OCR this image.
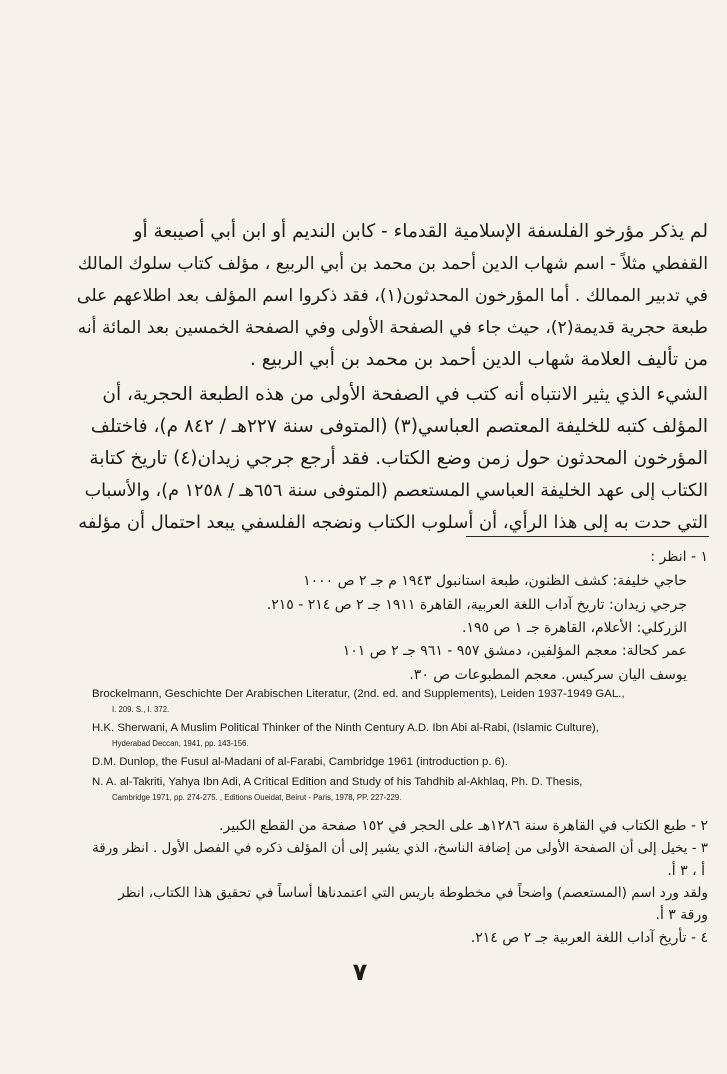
لم يذكر مؤرخو الفلسفة الإسلامية القدماء - كابن النديم أو ابن أبي أصيبعة أو
القفطي مثلاً - اسم شهاب الدين أحمد بن محمد بن أبي الربيع ، مؤلف كتاب سلوك المالك
في تدبير الممالك . أما المؤرخون المحدثون(١)، فقد ذكروا اسم المؤلف بعد اطلاعهم على
طبعة حجرية قديمة(٢)، حيث جاء في الصفحة الأولى وفي الصفحة الخمسين بعد المائة أنه
من تأليف العلامة شهاب الدين أحمد بن محمد بن أبي الربيع .
الشيء الذي يثير الانتباه أنه كتب في الصفحة الأولى من هذه الطبعة الحجرية، أن
المؤلف كتبه للخليفة المعتصم العباسي(٣) (المتوفى سنة ٢٢٧هـ / ٨٤٢ م)، فاختلف
المؤرخون المحدثون حول زمن وضع الكتاب. فقد أرجع جرجي زيدان(٤) تاريخ كتابة
الكتاب إلى عهد الخليفة العباسي المستعصم (المتوفى سنة ٦٥٦هـ / ١٢٥٨ م)، والأسباب
التي حدت به إلى هذا الرأي، أن أسلوب الكتاب ونضجه الفلسفي يبعد احتمال أن مؤلفه
١ - انظر :
حاجي خليفة: كشف الظنون، طبعة استانبول ١٩٤٣ م جـ ٢ ص ١٠٠٠
جرجي زيدان: تاريخ آداب اللغة العربية، القاهرة ١٩١١ جـ ٢ ص ٢١٤ - ٢١٥.
الزركلي: الأعلام، القاهرة جـ ١ ص ١٩٥.
عمر كحالة: معجم المؤلفين، دمشق ٩٥٧ - ٩٦١ جـ ٢ ص ١٠١
يوسف اليان سركيس. معجم المطبوعات ص ٣٠.
Brockelmann, Geschichte Der Arabischen Literatur, (2nd. ed. and Supplements), Leiden 1937-1949 GAL.,
I. 209. S., I. 372.
H.K. Sherwani, A Muslim Political Thinker of the Ninth Century A.D. Ibn Abi al-Rabi, (Islamic Culture),
Hyderabad Deccan, 1941, pp. 143-156.
D.M. Dunlop, the Fusul al-Madani of al-Farabi, Cambridge 1961 (introduction p. 6).
N. A. al-Takriti, Yahya Ibn Adi, A Critical Edition and Study of his Tahdhib al-Akhlaq, Ph. D. Thesis,
Cambridge 1971, pp. 274-275. , Editions Oueidat, Beirut - Paris, 1978, PP. 227-229.
٢ - طبع الكتاب في القاهرة سنة ١٢٨٦هـ على الحجر في ١٥٢ صفحة من القطع الكبير.
٣ - يخيل إلى أن الصفحة الأولى من إضافة الناسخ، الذي يشير إلى أن المؤلف ذكره في الفصل الأول . انظر ورقة
أ ، ٣ أ.
ولقد ورد اسم (المستعصم) واضحاً في مخطوطة باريس التي اعتمدناها أساساً في تحقيق هذا الكتاب، انظر
ورقة ٣ أ.
٤ - تأريخ آداب اللغة العربية جـ ٢ ص ٢١٤.
٧
